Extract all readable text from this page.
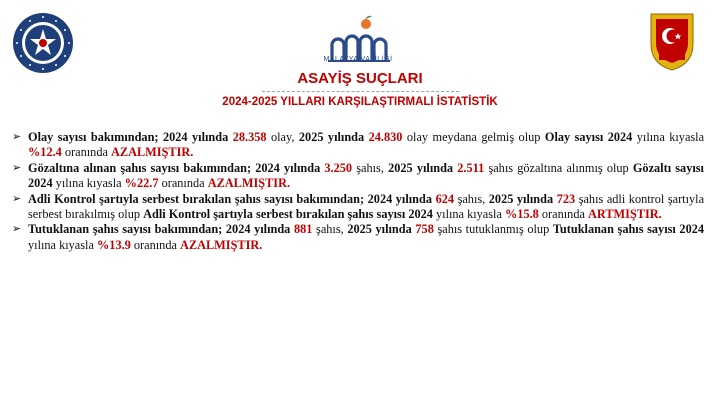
MALATYA VALİLİĞİ
ASAYİŞ SUÇLARI
2024-2025 YILLARI KARŞILAŞTIRMALI İSTATİSTİK
➢ Olay sayısı bakımından; 2024 yılında 28.358 olay, 2025 yılında 24.830 olay meydana gelmiş olup Olay sayısı 2024 yılına kıyasla %12.4 oranında AZALMIŞTIR.
➢ Gözaltına alınan şahıs sayısı bakımından; 2024 yılında 3.250 şahıs, 2025 yılında 2.511 şahıs gözaltına alınmış olup Gözaltı sayısı 2024 yılına kıyasla %22.7 oranında AZALMIŞTIR.
➢ Adli Kontrol şartıyla serbest bırakılan şahıs sayısı bakımından; 2024 yılında 624 şahıs, 2025 yılında 723 şahıs adli kontrol şartıyla serbest bırakılmış olup Adli Kontrol şartıyla serbest bırakılan şahıs sayısı 2024 yılına kıyasla %15.8 oranında ARTMIŞTIR.
➢ Tutuklanan şahıs sayısı bakımından; 2024 yılında 881 şahıs, 2025 yılında 758 şahıs tutuklanmış olup Tutuklanan şahıs sayısı 2024 yılına kıyasla %13.9 oranında AZALMIŞTIR.
